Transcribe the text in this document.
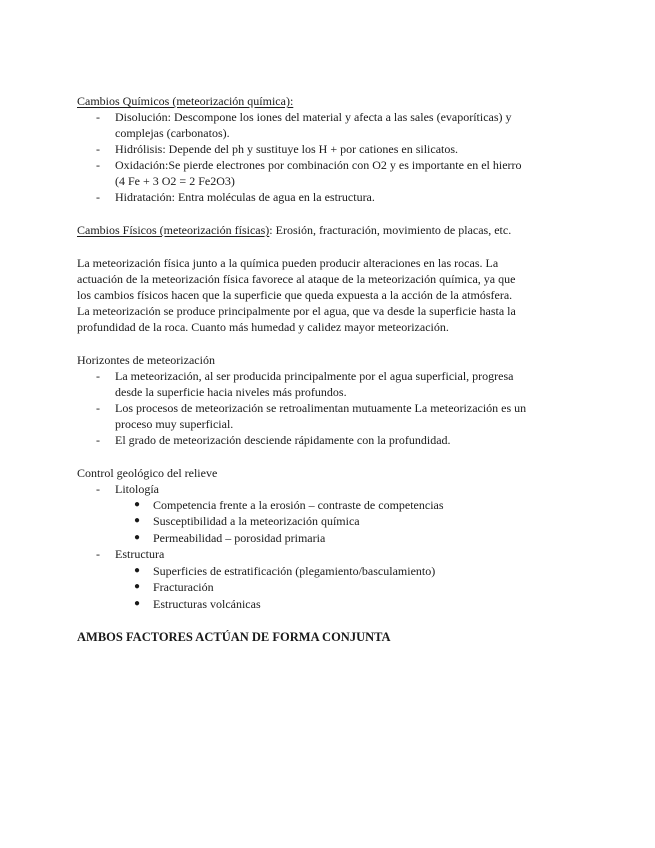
Cambios Químicos (meteorización química):
- Disolución: Descompone los iones del material y afecta a las sales (evaporíticas) y
complejas (carbonatos).
- Hidrólisis: Depende del ph y sustituye los H + por cationes en silicatos.
- Oxidación:Se pierde electrones por combinación con O2 y es importante en el hierro
(4 Fe + 3 O2 = 2 Fe2O3)
- Hidratación: Entra moléculas de agua en la estructura.
Cambios Físicos (meteorización físicas): Erosión, fracturación, movimiento de placas, etc.
La meteorización física junto a la química pueden producir alteraciones en las rocas. La
actuación de la meteorización física favorece al ataque de la meteorización química, ya que
los cambios físicos hacen que la superficie que queda expuesta a la acción de la atmósfera.
La meteorización se produce principalmente por el agua, que va desde la superficie hasta la
profundidad de la roca. Cuanto más humedad y calidez mayor meteorización.
Horizontes de meteorización
- La meteorización, al ser producida principalmente por el agua superficial, progresa
desde la superficie hacia niveles más profundos.
- Los procesos de meteorización se retroalimentan mutuamente La meteorización es un
proceso muy superficial.
- El grado de meteorización desciende rápidamente con la profundidad.
Control geológico del relieve
- Litología
● Competencia frente a la erosión – contraste de competencias
● Susceptibilidad a la meteorización química
● Permeabilidad – porosidad primaria
- Estructura
● Superficies de estratificación (plegamiento/basculamiento)
● Fracturación
● Estructuras volcánicas
AMBOS FACTORES ACTÚAN DE FORMA CONJUNTA
